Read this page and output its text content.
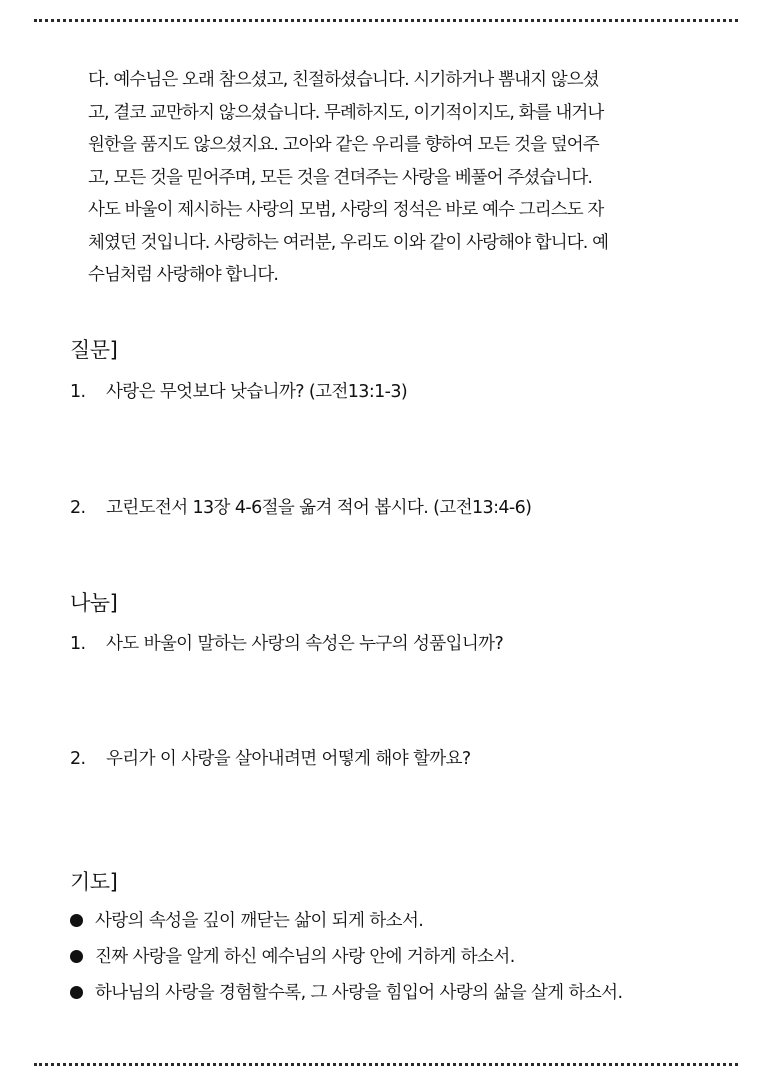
다. 예수님은 오래 참으셨고, 친절하셨습니다. 시기하거나 뽐내지 않으셨

고, 결코 교만하지 않으셨습니다. 무례하지도, 이기적이지도, 화를 내거나

원한을 품지도 않으셨지요. 고아와 같은 우리를 향하여 모든 것을 덮어주

고, 모든 것을 믿어주며, 모든 것을 견뎌주는 사랑을 베풀어 주셨습니다.

사도 바울이 제시하는 사랑의 모범, 사랑의 정석은 바로 예수 그리스도 자

체였던 것입니다. 사랑하는 여러분, 우리도 이와 같이 사랑해야 합니다. 예

수님처럼 사랑해야 합니다.

질문]
1. 사랑은 무엇보다 낫습니까? (고전13:1-3)
2. 고린도전서 13장 4-6절을 옮겨 적어 봅시다. (고전13:4-6)
나눔]
1. 사도 바울이 말하는 사랑의 속성은 누구의 성품입니까?
2. 우리가 이 사랑을 살아내려면 어떻게 해야 할까요?
기도]
사랑의 속성을 깊이 깨닫는 삶이 되게 하소서.
진짜 사랑을 알게 하신 예수님의 사랑 안에 거하게 하소서.
하나님의 사랑을 경험할수록, 그 사랑을 힘입어 사랑의 삶을 살게 하소서.
